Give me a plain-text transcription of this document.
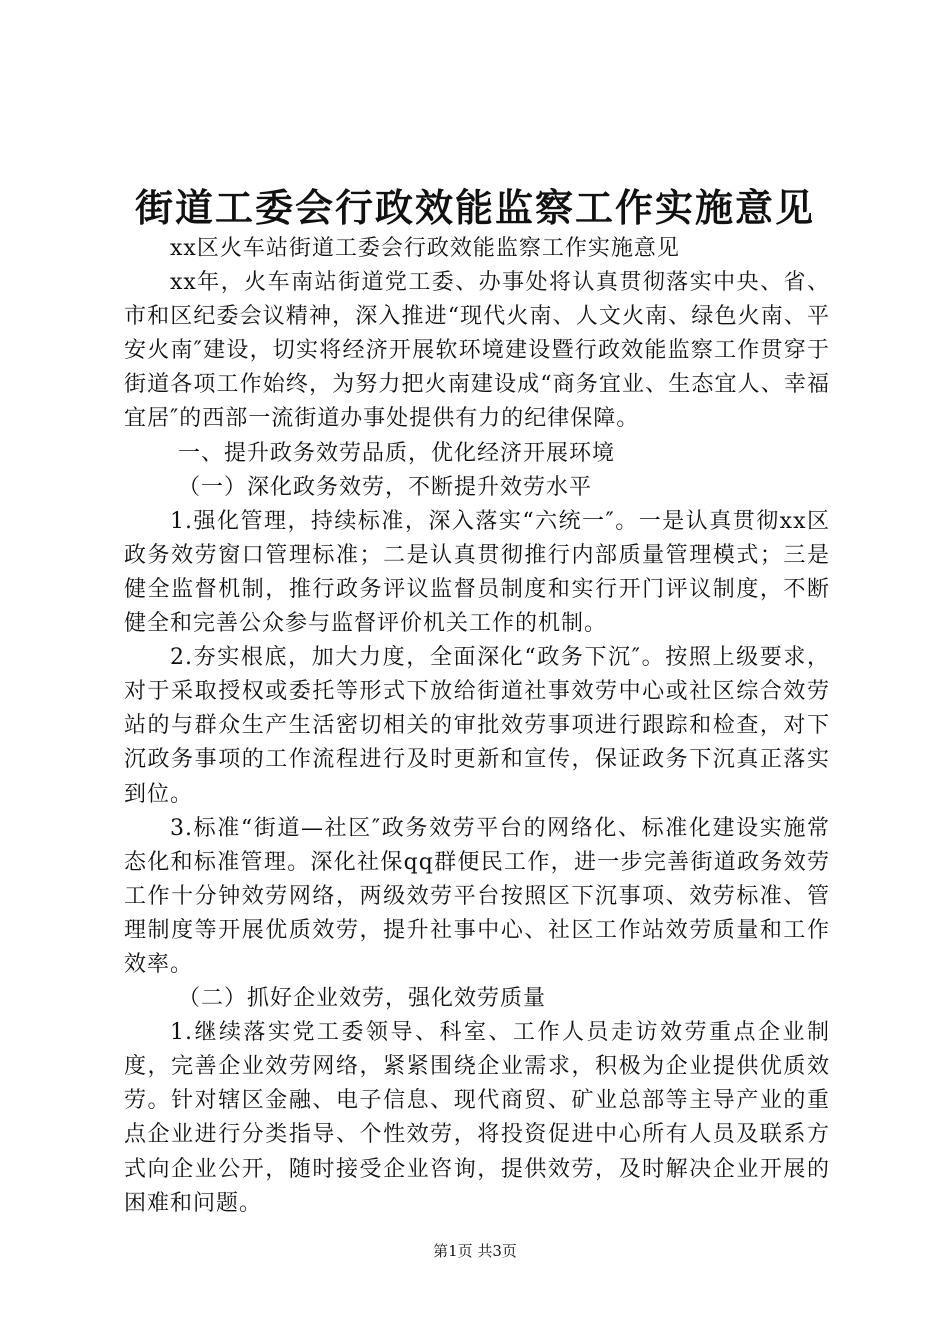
街道工委会行政效能监察工作实施意见

xx区火车站街道工委会行政效能监察工作实施意见

xx年，火车南站街道党工委、办事处将认真贯彻落实中央、省、市和区纪委会议精神，深入推进“现代火南、人文火南、绿色火南、平安火南″建设，切实将经济开展软环境建设暨行政效能监察工作贯穿于街道各项工作始终，为努力把火南建设成“商务宜业、生态宜人、幸福宜居″的西部一流街道办事处提供有力的纪律保障。

一、提升政务效劳品质，优化经济开展环境

（一）深化政务效劳，不断提升效劳水平

1.强化管理，持续标准，深入落实“六统一″。一是认真贯彻xx区政务效劳窗口管理标准；二是认真贯彻推行内部质量管理模式；三是健全监督机制，推行政务评议监督员制度和实行开门评议制度，不断健全和完善公众参与监督评价机关工作的机制。

2.夯实根底，加大力度，全面深化“政务下沉″。按照上级要求，对于采取授权或委托等形式下放给街道社事效劳中心或社区综合效劳站的与群众生产生活密切相关的审批效劳事项进行跟踪和检查，对下沉政务事项的工作流程进行及时更新和宣传，保证政务下沉真正落实到位。

3.标准“街道—社区″政务效劳平台的网络化、标准化建设实施常态化和标准管理。深化社保qq群便民工作，进一步完善街道政务效劳工作十分钟效劳网络，两级效劳平台按照区下沉事项、效劳标准、管理制度等开展优质效劳，提升社事中心、社区工作站效劳质量和工作效率。

（二）抓好企业效劳，强化效劳质量

1.继续落实党工委领导、科室、工作人员走访效劳重点企业制度，完善企业效劳网络，紧紧围绕企业需求，积极为企业提供优质效劳。针对辖区金融、电子信息、现代商贸、矿业总部等主导产业的重点企业进行分类指导、个性效劳，将投资促进中心所有人员及联系方式向企业公开，随时接受企业咨询，提供效劳，及时解决企业开展的困难和问题。

第1页 共3页
